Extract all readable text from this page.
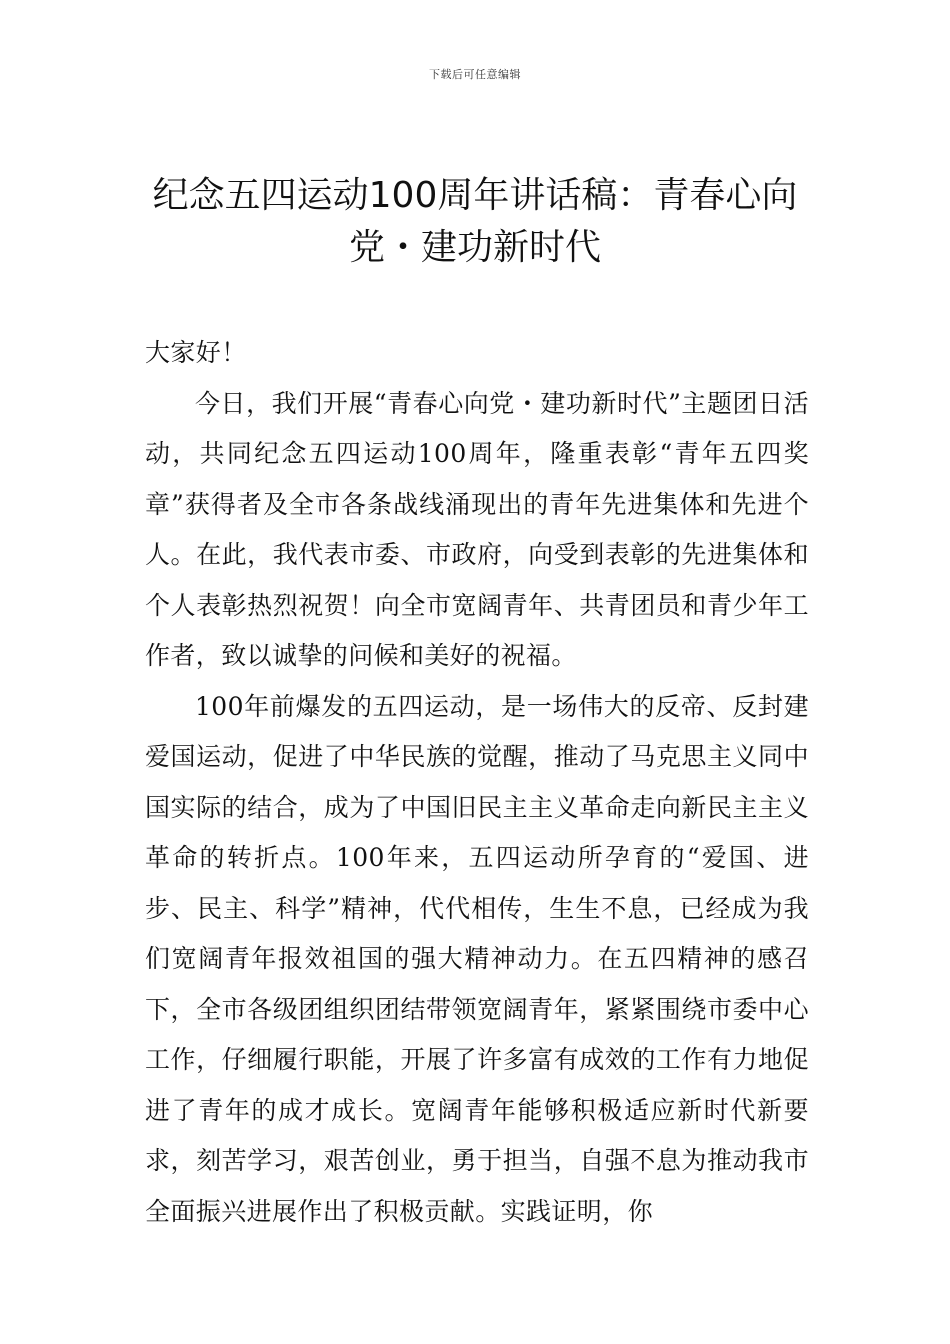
下载后可任意编辑
纪念五四运动100周年讲话稿：青春心向党・建功新时代

大家好！

今日，我们开展“青春心向党・建功新时代”主题团日活动，共同纪念五四运动100周年，隆重表彰“青年五四奖章”获得者及全市各条战线涌现出的青年先进集体和先进个人。在此，我代表市委、市政府，向受到表彰的先进集体和个人表彰热烈祝贺！向全市宽阔青年、共青团员和青少年工作者，致以诚挚的问候和美好的祝福。

100年前爆发的五四运动，是一场伟大的反帝、反封建爱国运动，促进了中华民族的觉醒，推动了马克思主义同中国实际的结合，成为了中国旧民主主义革命走向新民主主义革命的转折点。100年来，五四运动所孕育的“爱国、进步、民主、科学”精神，代代相传，生生不息，已经成为我们宽阔青年报效祖国的强大精神动力。在五四精神的感召下，全市各级团组织团结带领宽阔青年，紧紧围绕市委中心工作，仔细履行职能，开展了许多富有成效的工作有力地促进了青年的成才成长。宽阔青年能够积极适应新时代新要求，刻苦学习，艰苦创业，勇于担当，自强不息为推动我市全面振兴进展作出了积极贡献。实践证明，你
